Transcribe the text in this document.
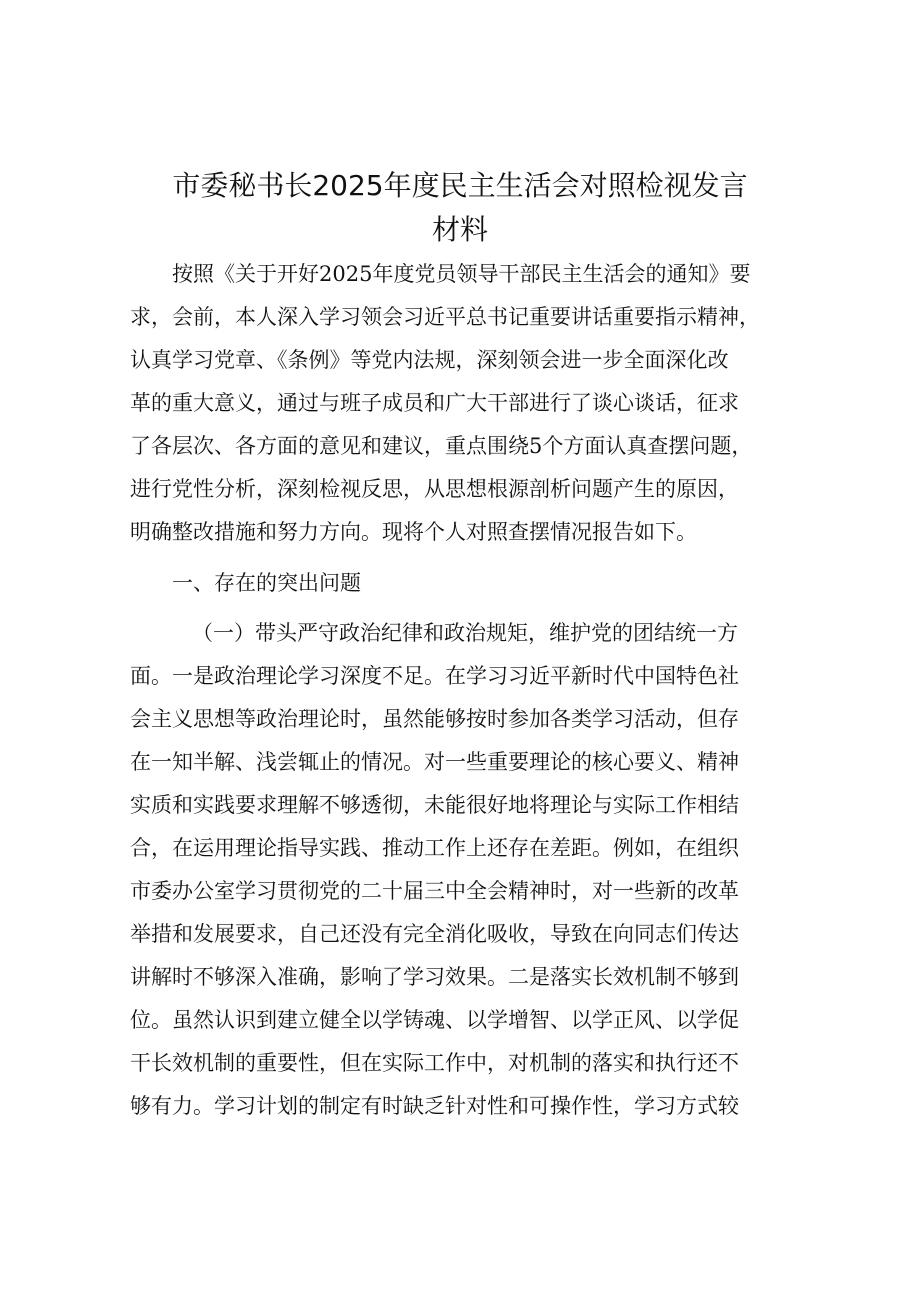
市委秘书长2025年度民主生活会对照检视发言
材料
按照《关于开好2025年度党员领导干部民主生活会的通知》要
求，会前，本人深入学习领会习近平总书记重要讲话重要指示精神，
认真学习党章、《条例》等党内法规，深刻领会进一步全面深化改
革的重大意义，通过与班子成员和广大干部进行了谈心谈话，征求
了各层次、各方面的意见和建议，重点围绕5个方面认真查摆问题，
进行党性分析，深刻检视反思，从思想根源剖析问题产生的原因，
明确整改措施和努力方向。现将个人对照查摆情况报告如下。
一、存在的突出问题
（一）带头严守政治纪律和政治规矩，维护党的团结统一方
面。一是政治理论学习深度不足。在学习习近平新时代中国特色社
会主义思想等政治理论时，虽然能够按时参加各类学习活动，但存
在一知半解、浅尝辄止的情况。对一些重要理论的核心要义、精神
实质和实践要求理解不够透彻，未能很好地将理论与实际工作相结
合，在运用理论指导实践、推动工作上还存在差距。例如，在组织
市委办公室学习贯彻党的二十届三中全会精神时，对一些新的改革
举措和发展要求，自己还没有完全消化吸收，导致在向同志们传达
讲解时不够深入准确，影响了学习效果。二是落实长效机制不够到
位。虽然认识到建立健全以学铸魂、以学增智、以学正风、以学促
干长效机制的重要性，但在实际工作中，对机制的落实和执行还不
够有力。学习计划的制定有时缺乏针对性和可操作性，学习方式较
